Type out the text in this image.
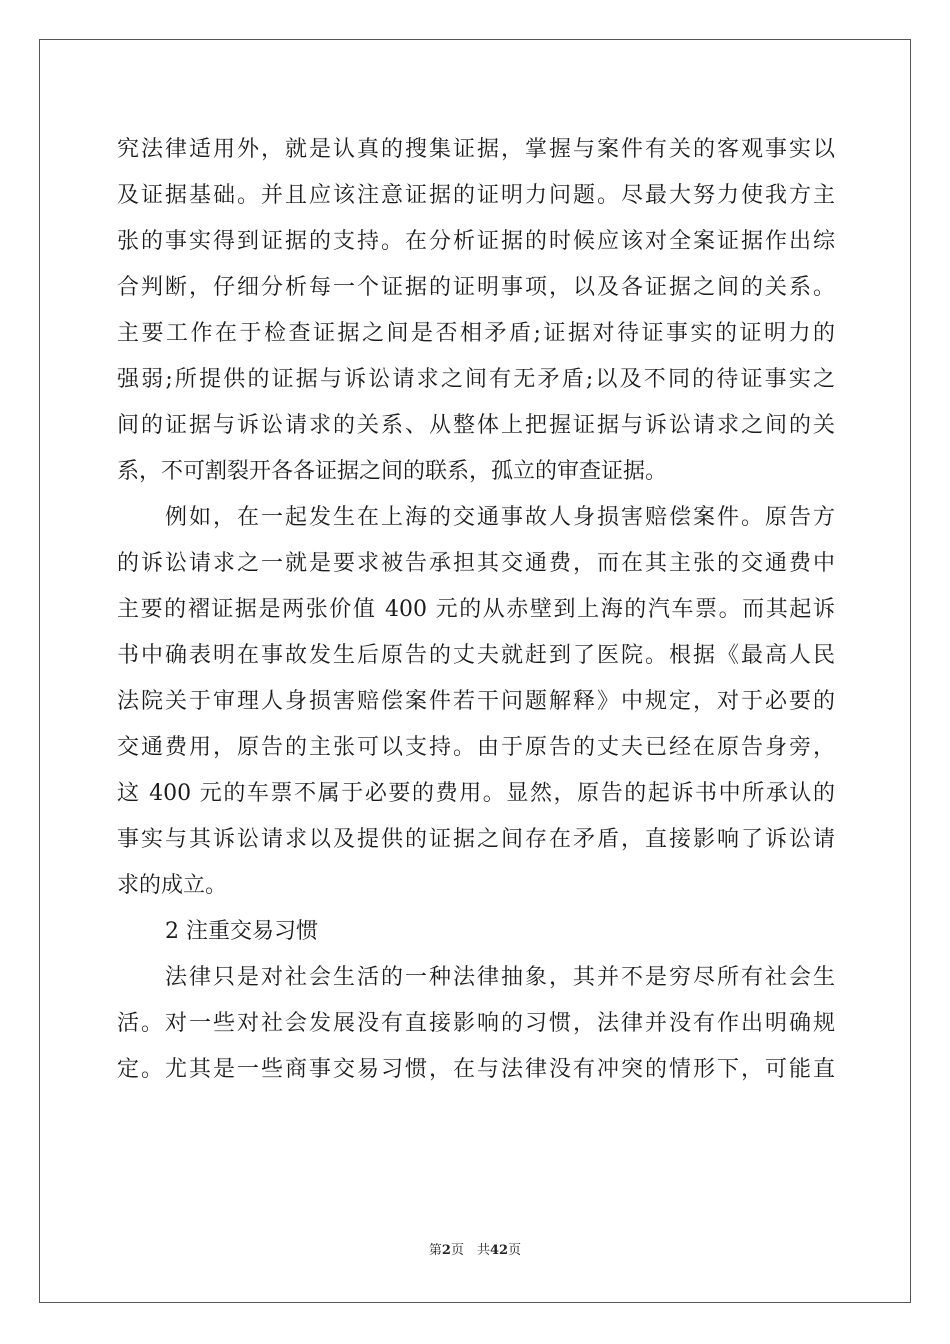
究法律适用外，就是认真的搜集证据，掌握与案件有关的客观事实以
及证据基础。并且应该注意证据的证明力问题。尽最大努力使我方主
张的事实得到证据的支持。在分析证据的时候应该对全案证据作出综
合判断，仔细分析每一个证据的证明事项，以及各证据之间的关系。
主要工作在于检查证据之间是否相矛盾;证据对待证事实的证明力的
强弱;所提供的证据与诉讼请求之间有无矛盾;以及不同的待证事实之
间的证据与诉讼请求的关系、从整体上把握证据与诉讼请求之间的关
系，不可割裂开各各证据之间的联系，孤立的审查证据。
例如，在一起发生在上海的交通事故人身损害赔偿案件。原告方
的诉讼请求之一就是要求被告承担其交通费，而在其主张的交通费中
主要的褶证据是两张价值 400 元的从赤壁到上海的汽车票。而其起诉
书中确表明在事故发生后原告的丈夫就赶到了医院。根据《最高人民
法院关于审理人身损害赔偿案件若干问题解释》中规定，对于必要的
交通费用，原告的主张可以支持。由于原告的丈夫已经在原告身旁，
这 400 元的车票不属于必要的费用。显然，原告的起诉书中所承认的
事实与其诉讼请求以及提供的证据之间存在矛盾，直接影响了诉讼请
求的成立。
2 注重交易习惯
法律只是对社会生活的一种法律抽象，其并不是穷尽所有社会生
活。对一些对社会发展没有直接影响的习惯，法律并没有作出明确规
定。尤其是一些商事交易习惯，在与法律没有冲突的情形下，可能直
第2页　共42页
